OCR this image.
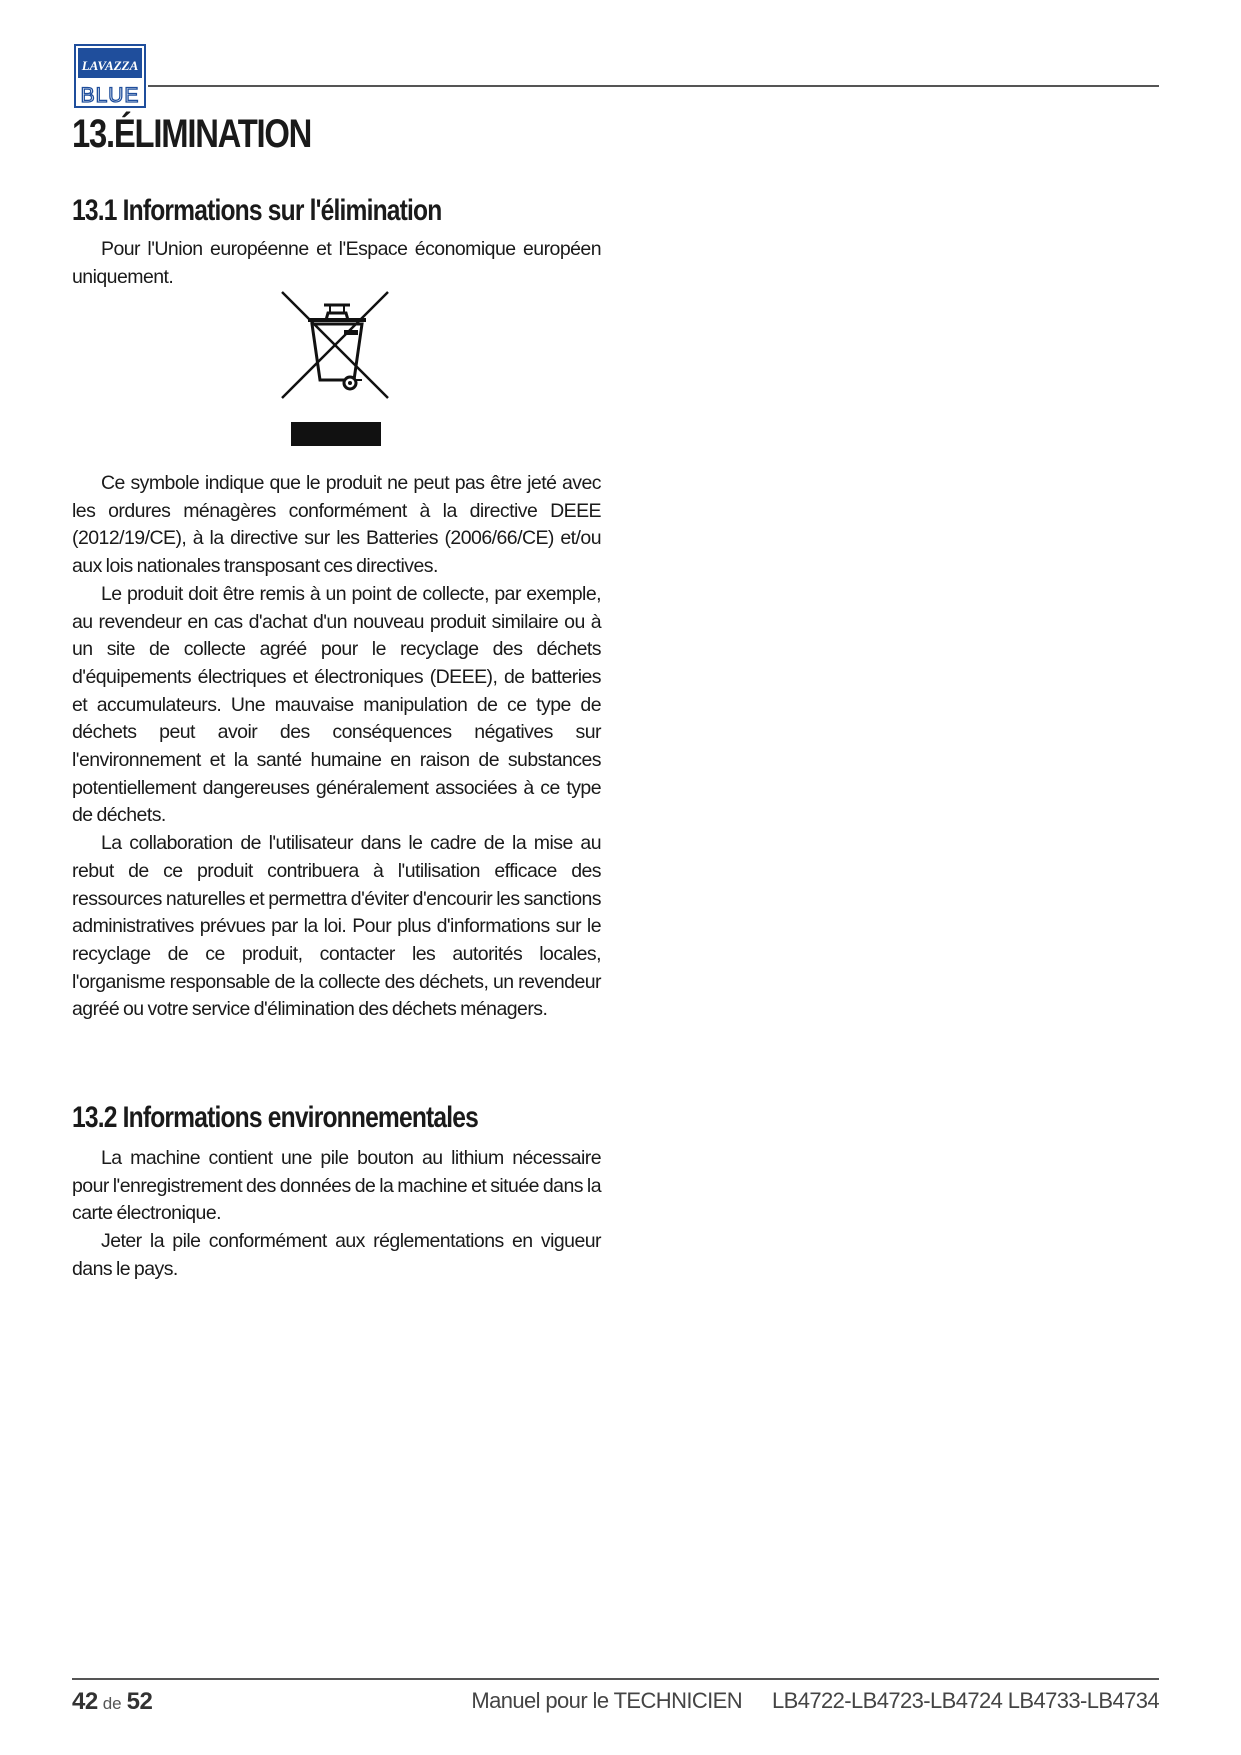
LAVAZZA
BLUE
13.ÉLIMINATION
13.1 Informations sur l'élimination

Pour l'Union européenne et l'Espace économique européen uniquement.

Ce symbole indique que le produit ne peut pas être jeté avec les ordures ménagères conformément à la directive DEEE (2012/19/CE), à la directive sur les Batteries (2006/66/CE) et/ou aux lois nationales transposant ces directives.

Le produit doit être remis à un point de collecte, par exemple, au revendeur en cas d'achat d'un nouveau produit similaire ou à un site de collecte agréé pour le recyclage des déchets d'équipements électriques et électroniques (DEEE), de batteries et accumulateurs. Une mauvaise manipulation de ce type de déchets peut avoir des conséquences négatives sur l'environnement et la santé humaine en raison de substances potentiellement dangereuses généralement associées à ce type de déchets.

La collaboration de l'utilisateur dans le cadre de la mise au rebut de ce produit contribuera à l'utilisation efficace des ressources naturelles et permettra d'éviter d'encourir les sanctions administratives prévues par la loi. Pour plus d'informations sur le recyclage de ce produit, contacter les autorités locales, l'organisme responsable de la collecte des déchets, un revendeur agréé ou votre service d'élimination des déchets ménagers.

13.2 Informations environnementales

La machine contient une pile bouton au lithium nécessaire pour l'enregistrement des données de la machine et située dans la carte électronique.

Jeter la pile conformément aux réglementations en vigueur dans le pays.

42 de 52	Manuel pour le TECHNICIEN LB4722-LB4723-LB4724 LB4733-LB4734
